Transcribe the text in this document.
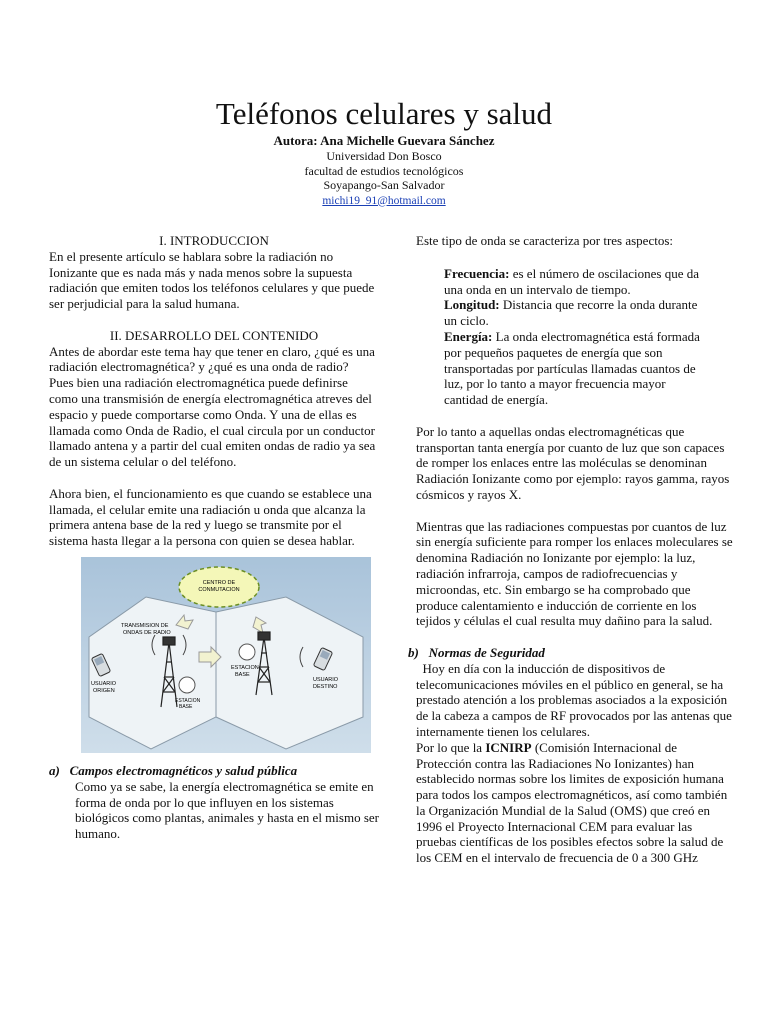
Teléfonos celulares y salud
Autora: Ana Michelle Guevara Sánchez
Universidad Don Bosco
facultad de estudios tecnológicos
Soyapango-San Salvador
michi19_91@hotmail.com

I. INTRODUCCION

En el presente artículo se hablara sobre la radiación no Ionizante que es nada más y nada menos sobre la supuesta radiación que emiten todos los teléfonos celulares y que puede ser perjudicial para la salud humana.

II. DESARROLLO DEL CONTENIDO

Antes de abordar este tema hay que tener en claro, ¿qué es una radiación electromagnética? y ¿qué es una onda de radio?

Pues bien una radiación electromagnética puede definirse como una transmisión de energía electromagnética atreves del espacio y puede comportarse como Onda. Y una de ellas es llamada como Onda de Radio, el cual circula por un conductor llamado antena y a partir del cual emiten ondas de radio ya sea de un sistema celular o del teléfono.

Ahora bien, el funcionamiento es que cuando se establece una llamada, el celular emite una radiación u onda que alcanza la primera antena base de la red y luego se transmite por el sistema hasta llegar a la persona con quien se desea hablar.

CENTRO DE
CONMUTACION
TRANSMISION DE
ONDAS DE RADIO
USUARIO
ORIGEN
ESTACION
BASE
ESTACION
BASE
USUARIO
DESTINO

a) Campos electromagnéticos y salud pública

Como ya se sabe, la energía electromagnética se emite en forma de onda por lo que influyen en los sistemas biológicos como plantas, animales y hasta en el mismo ser humano.

Este tipo de onda se caracteriza por tres aspectos:

Frecuencia: es el número de oscilaciones que da una onda en un intervalo de tiempo.

Longitud: Distancia que recorre la onda durante un ciclo.

Energía: La onda electromagnética está formada por pequeños paquetes de energía que son transportadas por partículas llamadas cuantos de luz, por lo tanto a mayor frecuencia mayor cantidad de energía.

Por lo tanto a aquellas ondas electromagnéticas que transportan tanta energía por cuanto de luz que son capaces de romper los enlaces entre las moléculas se denominan Radiación Ionizante como por ejemplo: rayos gamma, rayos cósmicos y rayos X.

Mientras que las radiaciones compuestas por cuantos de luz sin energía suficiente para romper los enlaces moleculares se denomina Radiación no Ionizante por ejemplo: la luz, radiación infrarroja, campos de radiofrecuencias y microondas, etc. Sin embargo se ha comprobado que produce calentamiento e inducción de corriente en los tejidos y células el cual resulta muy dañino para la salud.

b) Normas de Seguridad

Hoy en día con la inducción de dispositivos de telecomunicaciones móviles en el público en general, se ha prestado atención a los problemas asociados a la exposición de la cabeza a campos de RF provocados por las antenas que internamente tienen los celulares.

Por lo que la ICNIRP (Comisión Internacional de Protección contra las Radiaciones No Ionizantes) han establecido normas sobre los limites de exposición humana para todos los campos electromagnéticos, así como también la Organización Mundial de la Salud (OMS) que creó en 1996 el Proyecto Internacional CEM para evaluar las pruebas científicas de los posibles efectos sobre la salud de los CEM en el intervalo de frecuencia de 0 a 300 GHz
